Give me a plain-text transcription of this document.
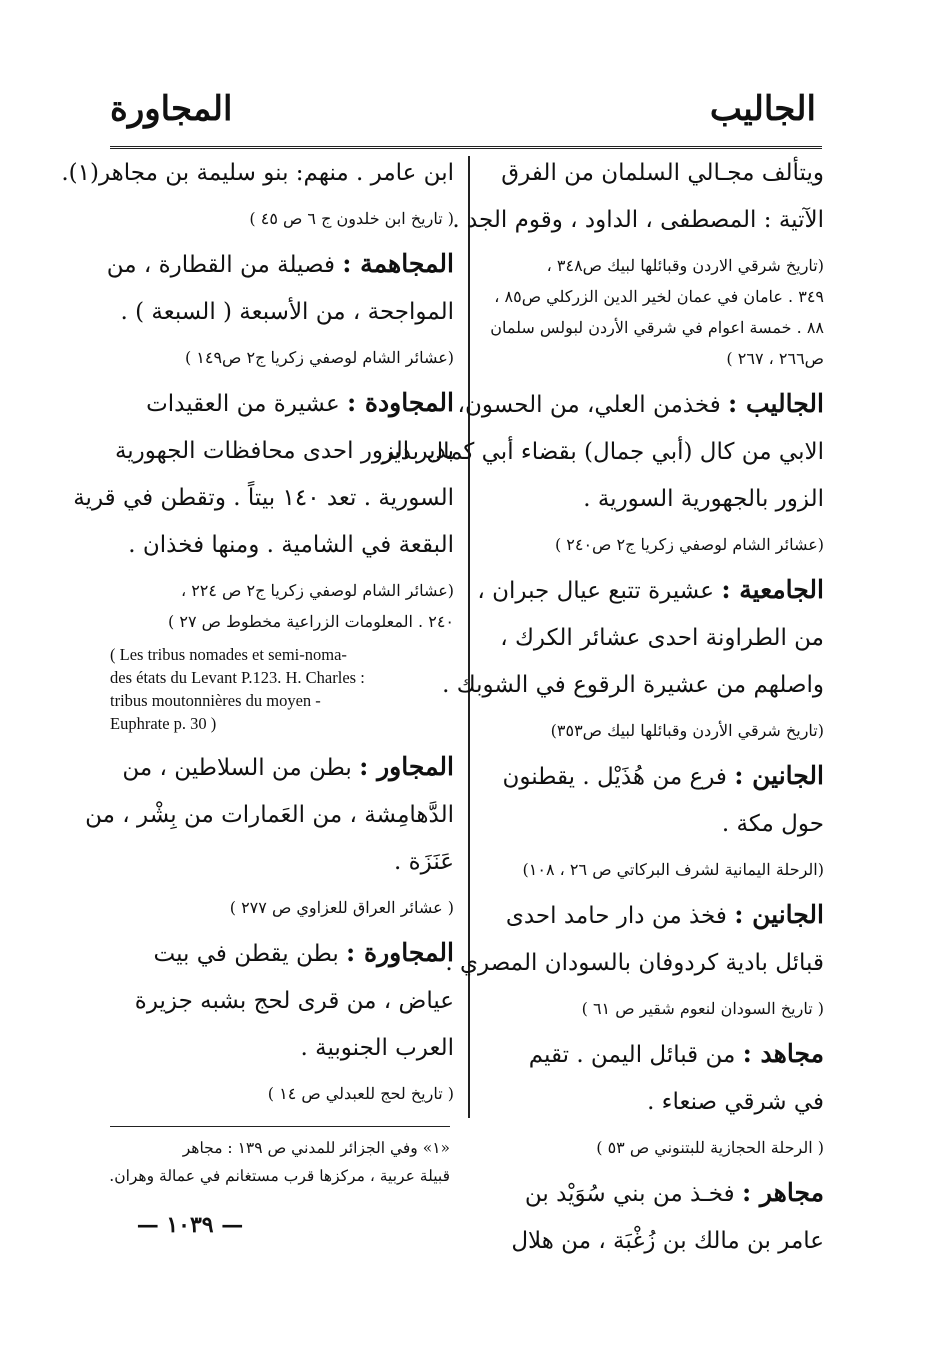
الجاليب
المجاورة
ويتألف مجـالي السلمان من الفرق
الآتية : المصطفى ، الداود ، وقوم الجد .
(تاريخ شرقي الاردن وقبائلها لبيك ص٣٤٨ ،
٣٤٩ . عامان في عمان لخير الدين الزركلي ص٨٥ ،
٨٨ . خمسة اعوام في شرقي الأردن لبولس سلمان
ص٢٦٦ ، ٢٦٧ )
الجاليب : فخذمن العلي، من الحسون،
الابي من كال (أبي جمال) بقضاء أبي كمال بدير
الزور بالجهورية السورية .
(عشائر الشام لوصفي زكريا ج٢ ص٢٤٠ )
الجامعية : عشيرة تتبع عيال جبران ،
من الطراونة احدى عشائر الكرك ،
واصلهم من عشيرة الرقوع في الشوبك .
(تاريخ شرقي الأردن وقبائلها لبيك ص٣٥٣)
الجانين : فرع من هُذَيْل . يقطنون
حول مكة .
(الرحلة اليمانية لشرف البركاتي ص ٢٦ ، ١٠٨)
الجانين : فخذ من دار حامد احدى
قبائل بادية كردوفان بالسودان المصري .
( تاريخ السودان لنعوم شقير ص ٦١ )
مجاهد : من قبائل اليمن . تقيم
في شرقي صنعاء .
( الرحلة الحجازية للبتنوني ص ٥٣ )
مجاهر : فخـذ من بني سُوَيْد بن
عامر بن مالك بن زُغْبَة ، من هلال
ابن عامر . منهم: بنو سليمة بن مجاهر(١).
( تاريخ ابن خلدون ج ٦ ص ٤٥ )
المجاهمة : فصيلة من القطارة ، من
المواجحة ، من الأسبعة ( السبعة ) .
(عشائر الشام لوصفي زكريا ج٢ ص١٤٩ )
المجاودة : عشيرة من العقيدات
بدير الزور احدى محافظات الجهورية
السورية . تعد ١٤٠ بيتاً . وتقطن في قرية
البقعة في الشامية . ومنها فخذان .
(عشائر الشام لوصفي زكريا ج٢ ص ٢٢٤ ،
٢٤٠ . المعلومات الزراعية مخطوط ص ٢٧ )
( Les tribus nomades et semi-noma-
des états du Levant P.123. H. Charles :
tribus moutonnières du moyen -
Euphrate p. 30 )
المجاور : بطن من السلاطين ، من
الدَّهامِشة ، من العَمارات من بِشْر ، من
عَنَزَة .
( عشائر العراق للعزاوي ص ٢٧٧ )
المجاورة : بطن يقطن في بيت
عياض ، من قرى لحج بشبه جزيرة
العرب الجنوبية .
( تاريخ لحج للعبدلي ص ١٤ )
«١» وفي الجزائر للمدني ص ١٣٩ : مجاهر
قبيلة عربية ، مركزها قرب مستغانم في عمالة وهران.
— ١٠٣٩ —
